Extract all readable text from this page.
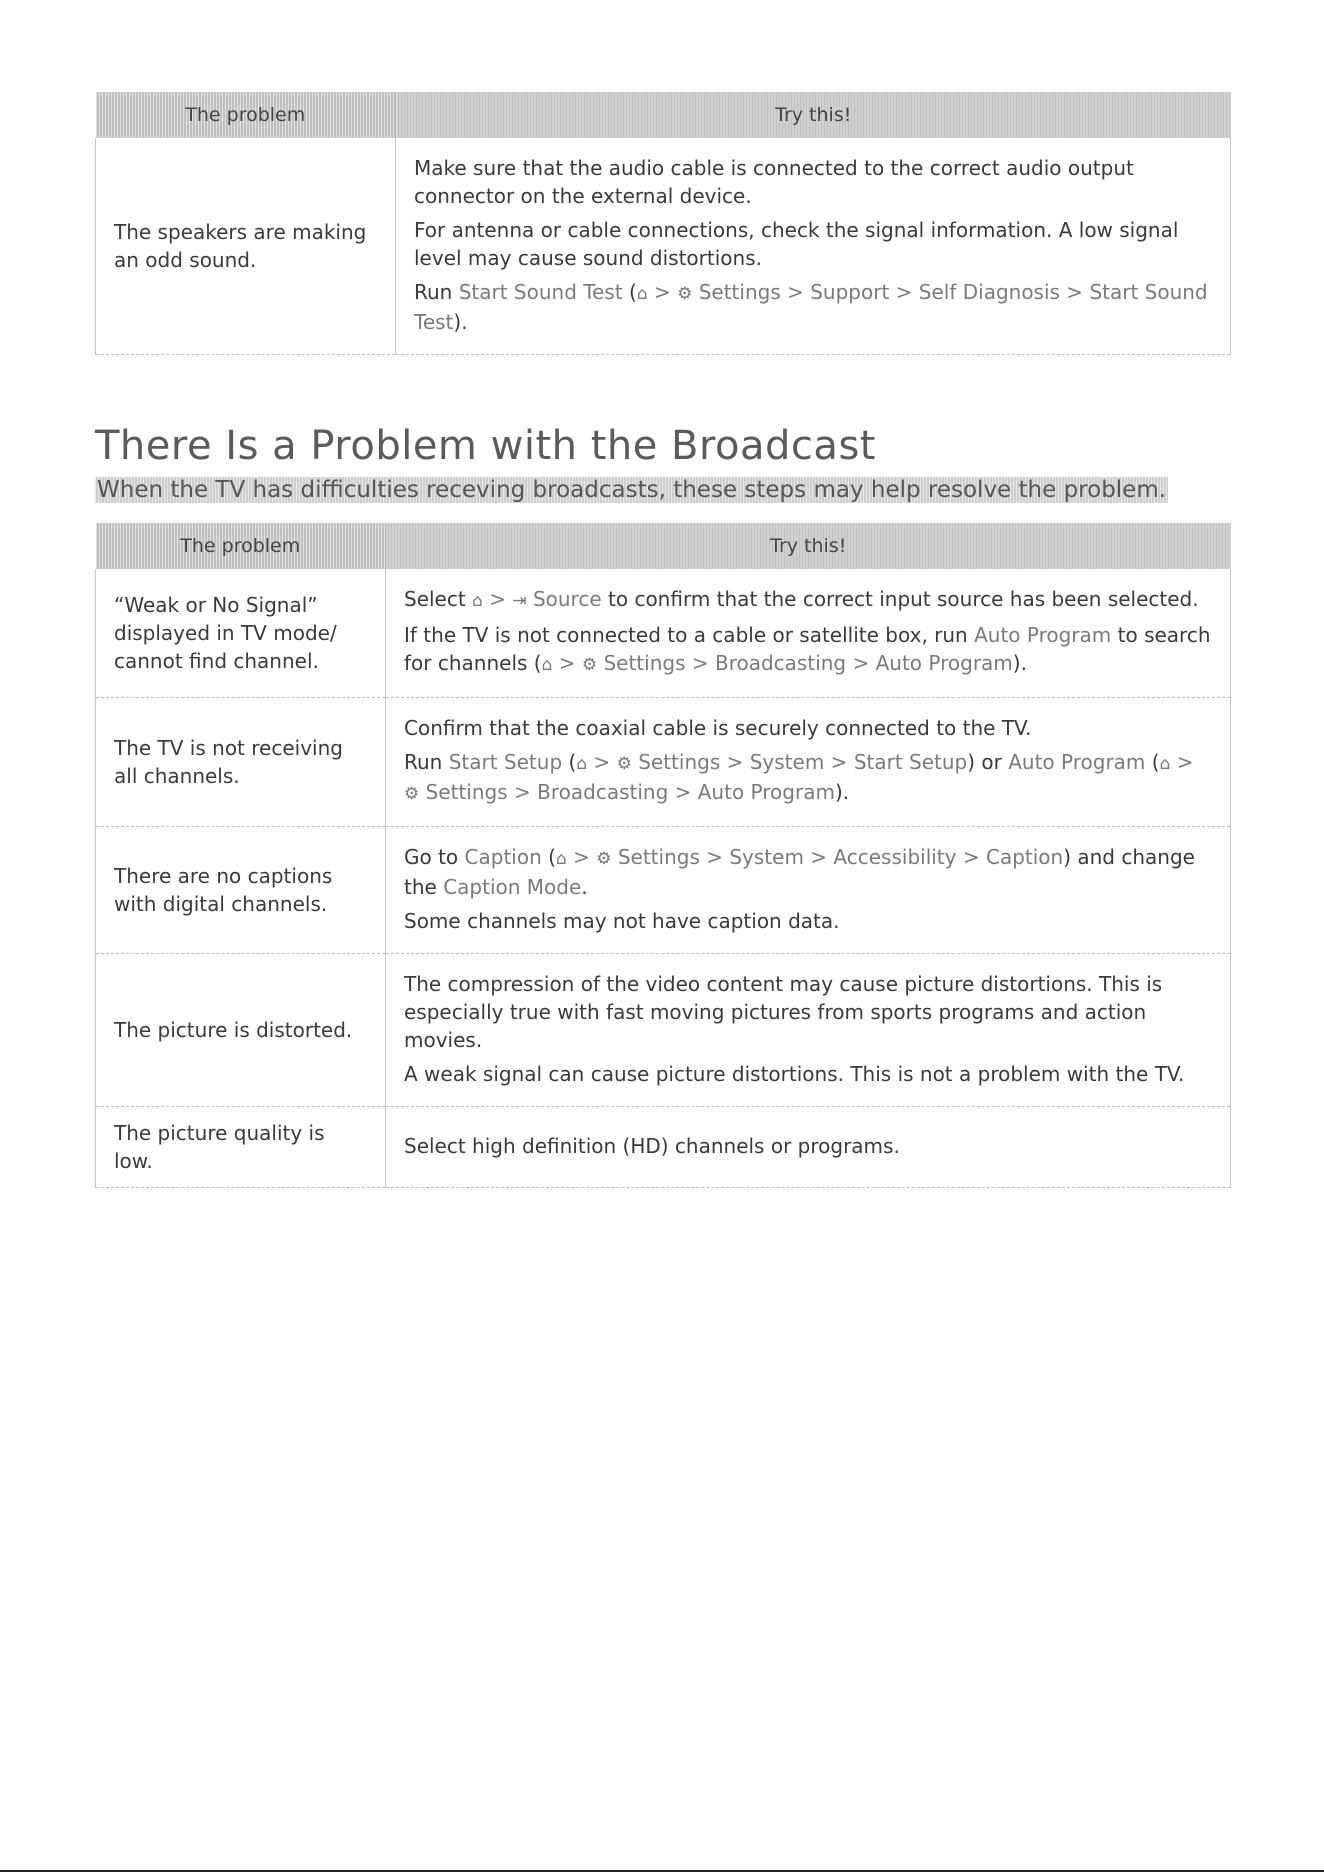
The problem	Try this!
The speakers are making an odd sound.	Make sure that the audio cable is connected to the correct audio output connector on the external device.

For antenna or cable connections, check the signal information. A low signal level may cause sound distortions.

Run Start Sound Test (⌂ > ⚙ Settings > Support > Self Diagnosis > Start Sound Test).

There Is a Problem with the Broadcast

When the TV has difficulties receving broadcasts, these steps may help resolve the problem.

The problem	Try this!
“Weak or No Signal” displayed in TV mode/ cannot find channel.	Select ⌂ > ⇥ Source to confirm that the correct input source has been selected.

If the TV is not connected to a cable or satellite box, run Auto Program to search for channels (⌂ > ⚙ Settings > Broadcasting > Auto Program).

The TV is not receiving all channels.	Confirm that the coaxial cable is securely connected to the TV.

Run Start Setup (⌂ > ⚙ Settings > System > Start Setup) or Auto Program (⌂ > ⚙ Settings > Broadcasting > Auto Program).

There are no captions with digital channels.	Go to Caption (⌂ > ⚙ Settings > System > Accessibility > Caption) and change the Caption Mode.

Some channels may not have caption data.

The picture is distorted.	The compression of the video content may cause picture distortions. This is especially true with fast moving pictures from sports programs and action movies.

A weak signal can cause picture distortions. This is not a problem with the TV.

The picture quality is low.	Select high definition (HD) channels or programs.
